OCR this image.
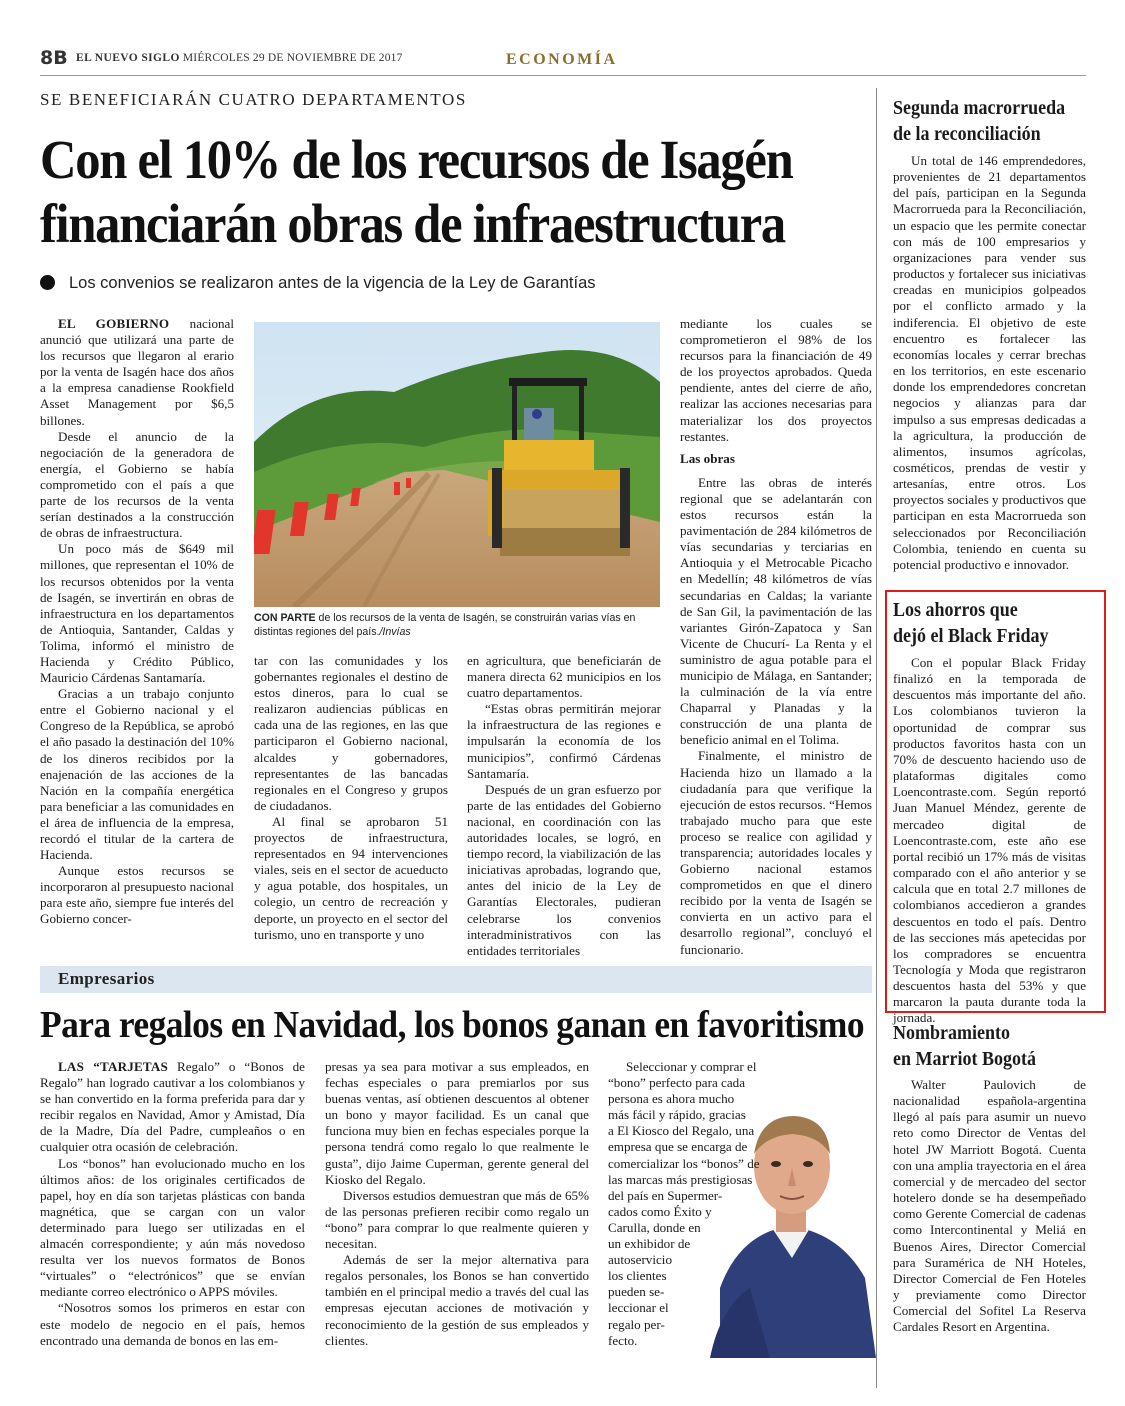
8B EL NUEVO SIGLO MIÉRCOLES 29 DE NOVIEMBRE DE 2017	ECONOMÍA
SE BENEFICIARÁN CUATRO DEPARTAMENTOS
Con el 10% de los recursos de Isagén financiarán obras de infraestructura
Los convenios se realizaron antes de la vigencia de la Ley de Garantías

EL GOBIERNO nacional anunció que utilizará una parte de los recursos que llegaron al erario por la venta de Isagén hace dos años a la empresa canadiense Rookfield Asset Management por $6,5 billones.

Desde el anuncio de la negociación de la generadora de energía, el Gobierno se había comprometido con el país a que parte de los recursos de la venta serían destinados a la construcción de obras de infraestructura.

Un poco más de $649 mil millones, que representan el 10% de los recursos obtenidos por la venta de Isagén, se invertirán en obras de infraestructura en los departamentos de Antioquia, Santander, Caldas y Tolima, informó el ministro de Hacienda y Crédito Público, Mauricio Cárdenas Santamaría.

Gracias a un trabajo conjunto entre el Gobierno nacional y el Congreso de la República, se aprobó el año pasado la destinación del 10% de los dineros recibidos por la enajenación de las acciones de la Nación en la compañía energética para beneficiar a las comunidades en el área de influencia de la empresa, recordó el titular de la cartera de Hacienda.

Aunque estos recursos se incorporaron al presupuesto nacional para este año, siempre fue interés del Gobierno concer-

CON PARTE de los recursos de la venta de Isagén, se construirán varias vías en distintas regiones del país./Invías

tar con las comunidades y los gobernantes regionales el destino de estos dineros, para lo cual se realizaron audiencias públicas en cada una de las regiones, en las que participaron el Gobierno nacional, alcaldes y gobernadores, representantes de las bancadas regionales en el Congreso y grupos de ciudadanos.

Al final se aprobaron 51 proyectos de infraestructura, representados en 94 intervenciones viales, seis en el sector de acueducto y agua potable, dos hospitales, un colegio, un centro de recreación y deporte, un proyecto en el sector del turismo, uno en transporte y uno

en agricultura, que beneficiarán de manera directa 62 municipios en los cuatro departamentos.

“Estas obras permitirán mejorar la infraestructura de las regiones e impulsarán la economía de los municipios”, confirmó Cárdenas Santamaría.

Después de un gran esfuerzo por parte de las entidades del Gobierno nacional, en coordinación con las autoridades locales, se logró, en tiempo record, la viabilización de las iniciativas aprobadas, logrando que, antes del inicio de la Ley de Garantías Electorales, pudieran celebrarse los convenios interadministrativos con las entidades territoriales

mediante los cuales se comprometieron el 98% de los recursos para la financiación de 49 de los proyectos aprobados. Queda pendiente, antes del cierre de año, realizar las acciones necesarias para materializar los dos proyectos restantes.

Las obras

Entre las obras de interés regional que se adelantarán con estos recursos están la pavimentación de 284 kilómetros de vías secundarias y terciarias en Antioquia y el Metrocable Picacho en Medellín; 48 kilómetros de vías secundarias en Caldas; la variante de San Gil, la pavimentación de las variantes Girón-Zapatoca y San Vicente de Chucurí- La Renta y el suministro de agua potable para el municipio de Málaga, en Santander; la culminación de la vía entre Chaparral y Planadas y la construcción de una planta de beneficio animal en el Tolima.

Finalmente, el ministro de Hacienda hizo un llamado a la ciudadanía para que verifique la ejecución de estos recursos. “Hemos trabajado mucho para que este proceso se realice con agilidad y transparencia; autoridades locales y Gobierno nacional estamos comprometidos en que el dinero recibido por la venta de Isagén se convierta en un activo para el desarrollo regional”, concluyó el funcionario.

Segunda macrorrueda
de la reconciliación

Un total de 146 emprendedores, provenientes de 21 departamentos del país, participan en la Segunda Macrorrueda para la Reconciliación, un espacio que les permite conectar con más de 100 empresarios y organizaciones para vender sus productos y fortalecer sus iniciativas creadas en municipios golpeados por el conflicto armado y la indiferencia. El objetivo de este encuentro es fortalecer las economías locales y cerrar brechas en los territorios, en este escenario donde los emprendedores concretan negocios y alianzas para dar impulso a sus empresas dedicadas a la agricultura, la producción de alimentos, insumos agrícolas, cosméticos, prendas de vestir y artesanías, entre otros. Los proyectos sociales y productivos que participan en esta Macrorrueda son seleccionados por Reconciliación Colombia, teniendo en cuenta su potencial productivo e innovador.

Los ahorros que
dejó el Black Friday

Con el popular Black Friday finalizó en la temporada de descuentos más importante del año. Los colombianos tuvieron la oportunidad de comprar sus productos favoritos hasta con un 70% de descuento haciendo uso de plataformas digitales como Loencontraste.com. Según reportó Juan Manuel Méndez, gerente de mercadeo digital de Loencontraste.com, este año ese portal recibió un 17% más de visitas comparado con el año anterior y se calcula que en total 2.7 millones de colombianos accedieron a grandes descuentos en todo el país. Dentro de las secciones más apetecidas por los compradores se encuentra Tecnología y Moda que registraron descuentos hasta del 53% y que marcaron la pauta durante toda la jornada.

Nombramiento
en Marriot Bogotá

Walter Paulovich de nacionalidad española-argentina llegó al país para asumir un nuevo reto como Director de Ventas del hotel JW Marriott Bogotá. Cuenta con una amplia trayectoria en el área comercial y de mercadeo del sector hotelero donde se ha desempeñado como Gerente Comercial de cadenas como Intercontinental y Meliá en Buenos Aires, Director Comercial para Suramérica de NH Hoteles, Director Comercial de Fen Hoteles y previamente como Director Comercial del Sofitel La Reserva Cardales Resort en Argentina.

Empresarios
Para regalos en Navidad, los bonos ganan en favoritismo

LAS “TARJETAS Regalo” o “Bonos de Regalo” han logrado cautivar a los colombianos y se han convertido en la forma preferida para dar y recibir regalos en Navidad, Amor y Amistad, Día de la Madre, Día del Padre, cumpleaños o en cualquier otra ocasión de celebración.

Los “bonos” han evolucionado mucho en los últimos años: de los originales certificados de papel, hoy en día son tarjetas plásticas con banda magnética, que se cargan con un valor determinado para luego ser utilizadas en el almacén correspondiente; y aún más novedoso resulta ver los nuevos formatos de Bonos “virtuales” o “electrónicos” que se envían mediante correo electrónico o APPS móviles.

“Nosotros somos los primeros en estar con este modelo de negocio en el país, hemos encontrado una demanda de bonos en las em-

presas ya sea para motivar a sus empleados, en fechas especiales o para premiarlos por sus buenas ventas, así obtienen descuentos al obtener un bono y mayor facilidad. Es un canal que funciona muy bien en fechas especiales porque la persona tendrá como regalo lo que realmente le gusta”, dijo Jaime Cuperman, gerente general del Kiosko del Regalo.

Diversos estudios demuestran que más de 65% de las personas prefieren recibir como regalo un “bono” para comprar lo que realmente quieren y necesitan.

Además de ser la mejor alternativa para regalos personales, los Bonos se han convertido también en el principal medio a través del cual las empresas ejecutan acciones de motivación y reconocimiento de la gestión de sus empleados y clientes.

Seleccionar y comprar el
“bono” perfecto para cada
persona es ahora mucho
más fácil y rápido, gracias
a El Kiosco del Regalo, una
empresa que se encarga de
comercializar los “bonos” de
las marcas más prestigiosas
del país en Supermer-
cados como Éxito y
Carulla, donde en
un exhibidor de
autoservicio
los clientes
pueden se-
leccionar el
regalo per-
fecto.
